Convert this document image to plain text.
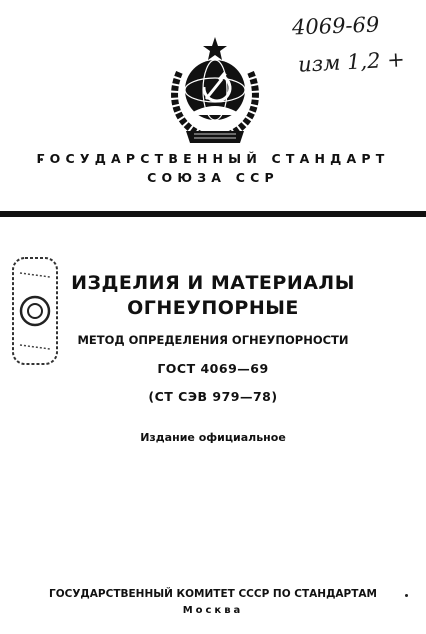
4069-69
изм 1,2 +
ГОСУДАРСТВЕННЫЙ СТАНДАРТ
СОЮЗА ССР
ИЗДЕЛИЯ И МАТЕРИАЛЫ
ОГНЕУПОРНЫЕ
МЕТОД ОПРЕДЕЛЕНИЯ ОГНЕУПОРНОСТИ
ГОСТ 4069—69
(СТ СЭВ 979—78)
Издание официальное
ГОСУДАРСТВЕННЫЙ КОМИТЕТ СССР ПО СТАНДАРТАМ
Москва
